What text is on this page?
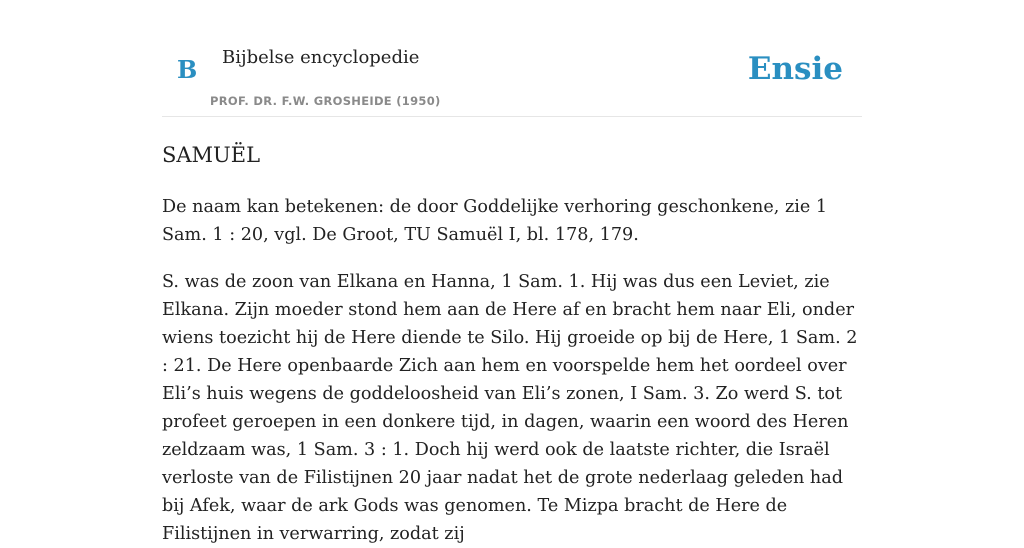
B Bijbelse encyclopedie
PROF. DR. F.W. GROSHEIDE (1950)
Ensie
SAMUËL

De naam kan betekenen: de door Goddelijke verhoring geschonkene, zie 1 Sam. 1 : 20, vgl. De Groot, TU Samuël I, bl. 178, 179.

S. was de zoon van Elkana en Hanna, 1 Sam. 1. Hij was dus een Leviet, zie Elkana. Zijn moeder stond hem aan de Here af en bracht hem naar Eli, onder wiens toezicht hij de Here diende te Silo. Hij groeide op bij de Here, 1 Sam. 2 : 21. De Here openbaarde Zich aan hem en voorspelde hem het oordeel over Eli’s huis wegens de goddeloosheid van Eli’s zonen, I Sam. 3. Zo werd S. tot profeet geroepen in een donkere tijd, in dagen, waarin een woord des Heren zeldzaam was, 1 Sam. 3 : 1. Doch hij werd ook de laatste richter, die Israël verloste van de Filistijnen 20 jaar nadat het de grote nederlaag geleden had bij Afek, waar de ark Gods was genomen. Te Mizpa bracht de Here de Filistijnen in verwarring, zodat zij
